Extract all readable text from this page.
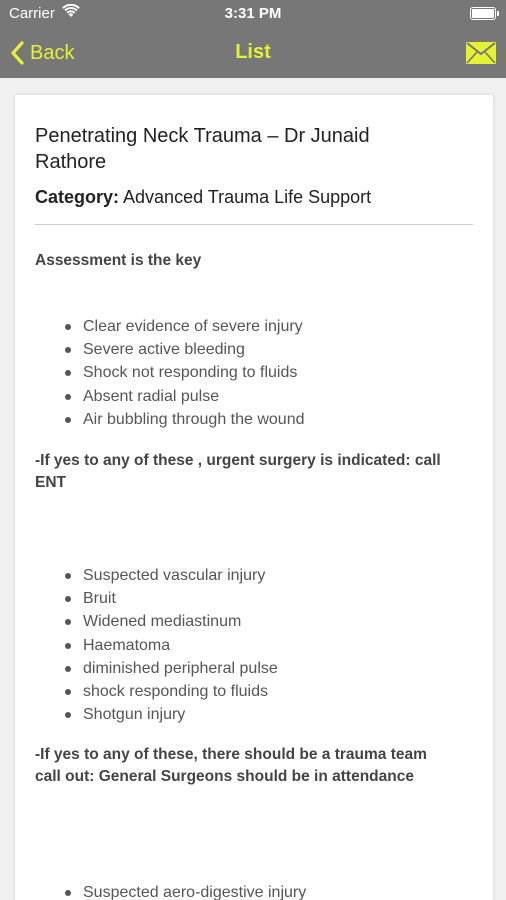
Carrier	3:31 PM
Back	List
Penetrating Neck Trauma – Dr Junaid Rathore
Category: Advanced Trauma Life Support
Assessment is the key
Clear evidence of severe injury
Severe active bleeding
Shock not responding to fluids
Absent radial pulse
Air bubbling through the wound
-If yes to any of these , urgent surgery is indicated: call ENT
Suspected vascular injury
Bruit
Widened mediastinum
Haematoma
diminished peripheral pulse
shock responding to fluids
Shotgun injury
-If yes to any of these, there should be a trauma team call out: General Surgeons should be in attendance
Suspected aero-digestive injury
